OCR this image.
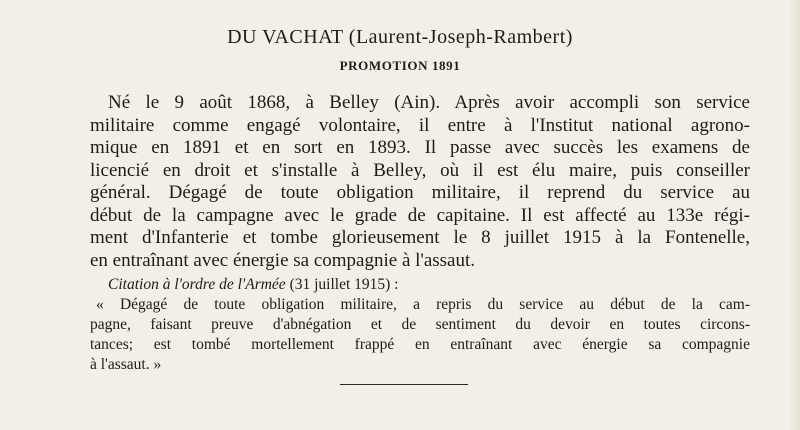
DU VACHAT (Laurent-Joseph-Rambert)
PROMOTION 1891
Né le 9 août 1868, à Belley (Ain). Après avoir accompli son service
militaire comme engagé volontaire, il entre à l'Institut national agrono-
mique en 1891 et en sort en 1893. Il passe avec succès les examens de
licencié en droit et s'installe à Belley, où il est élu maire, puis conseiller
général. Dégagé de toute obligation militaire, il reprend du service au
début de la campagne avec le grade de capitaine. Il est affecté au 133e régi-
ment d'Infanterie et tombe glorieusement le 8 juillet 1915 à la Fontenelle,
en entraînant avec énergie sa compagnie à l'assaut.
Citation à l'ordre de l'Armée (31 juillet 1915) :
« Dégagé de toute obligation militaire, a repris du service au début de la cam-
pagne, faisant preuve d'abnégation et de sentiment du devoir en toutes circons-
tances; est tombé mortellement frappé en entraînant avec énergie sa compagnie
à l'assaut. »
